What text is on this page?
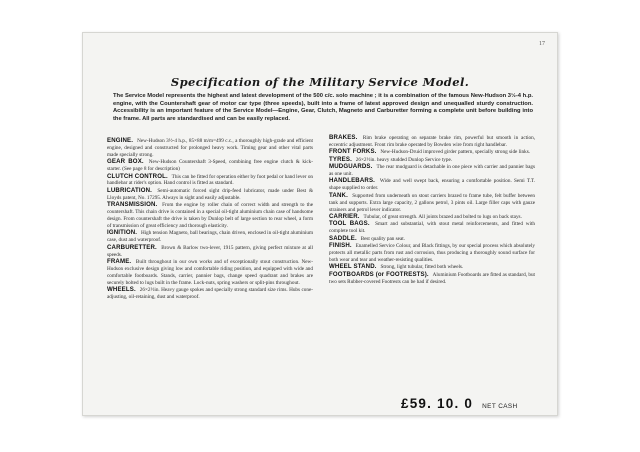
17
Specification of the Military Service Model.
The Service Model represents the highest and latest development of the 500 c/c. solo machine ; it is a combination of the famous New-Hudson 3½-4 h.p. engine, with the Countershaft gear of motor car type (three speeds), built into a frame of latest approved design and unequalled sturdy construction. Accessibility is an important feature of the Service Model—Engine, Gear, Clutch, Magneto and Carburetter forming a complete unit before building into the frame. All parts are standardised and can be easily replaced.

ENGINE. New-Hudson 3½-4 h.p., 85×88 m/m=499 c.c., a thoroughly high-grade and efficient engine, designed and constructed for prolonged heavy work. Timing gear and other vital parts made specially strong.

GEAR BOX. New-Hudson Countershaft 3-Speed, combining free engine clutch & kick-starter. (See page 8 for description)

CLUTCH CONTROL. This can be fitted for operation either by foot pedal or hand lever on handlebar at rider's option. Hand control is fitted as standard.

LUBRICATION. Semi-automatic forced sight drip-feed lubricator, made under Best & Lloyds patent, No. 17295. Always in sight and easily adjustable.

TRANSMISSION. From the engine by roller chain of correct width and strength to the countershaft. This chain drive is contained in a special oil-tight aluminium chain case of handsome design. From countershaft the drive is taken by Dunlop belt of large section to rear wheel, a form of transmission of great efficiency and thorough elasticity.

IGNITION. High tension Magneto, ball bearings, chain driven, enclosed in oil-tight aluminium case, dust and waterproof.

CARBURETTER. Brown & Barlow two-lever, 1915 pattern, giving perfect mixture at all speeds.

FRAME. Built throughout in our own works and of exceptionally stout construction. New-Hudson exclusive design giving low and comfortable riding position, and equipped with wide and comfortable footboards. Stands, carrier, pannier bags, change speed quadrant and brakes are securely bolted to lugs built in the frame. Lock-nuts, spring washers or split-pins throughout.

WHEELS. 26×2½in. Heavy gauge spokes and specially strong standard size rims. Hubs cone-adjusting, oil-retaining, dust and waterproof.

BRAKES. Rim brake operating on separate brake rim, powerful but smooth in action, eccentric adjustment. Front rim brake operated by Bowden wire from right handlebar.

FRONT FORKS. New-Hudson-Druid improved girder pattern, specially strong side links.

TYRES. 26×2½in. heavy studded Dunlop Service type.

MUDGUARDS. The rear mudguard is detachable in one piece with carrier and pannier bags as one unit.

HANDLEBARS. Wide and well swept back, ensuring a comfortable position. Semi T.T. shape supplied to order.

TANK. Supported from underneath on stout carriers brazed to frame tube, felt buffer between tank and supports. Extra large capacity, 2 gallons petrol, 3 pints oil. Large filler caps with gauze strainers and petrol lever indicator.

CARRIER. Tubular, of great strength. All joints brazed and bolted to lugs on back stays.

TOOL BAGS. Smart and substantial, with stout metal reinforcements, and fitted with complete tool kit.

SADDLE. Best quality pan seat.

FINISH. Enamelled Service Colour, and Black fittings, by our special process which absolutely protects all metallic parts from rust and corrosion, thus producing a thoroughly sound surface for both wear and tear and weather-resisting qualities.

WHEEL STAND. Strong, light tubular, fitted both wheels.

FOOTBOARDS (or FOOTRESTS). Aluminium Footboards are fitted as standard, but two sets Rubber-covered Footrests can be had if desired.

£59. 10. 0 NET CASH
